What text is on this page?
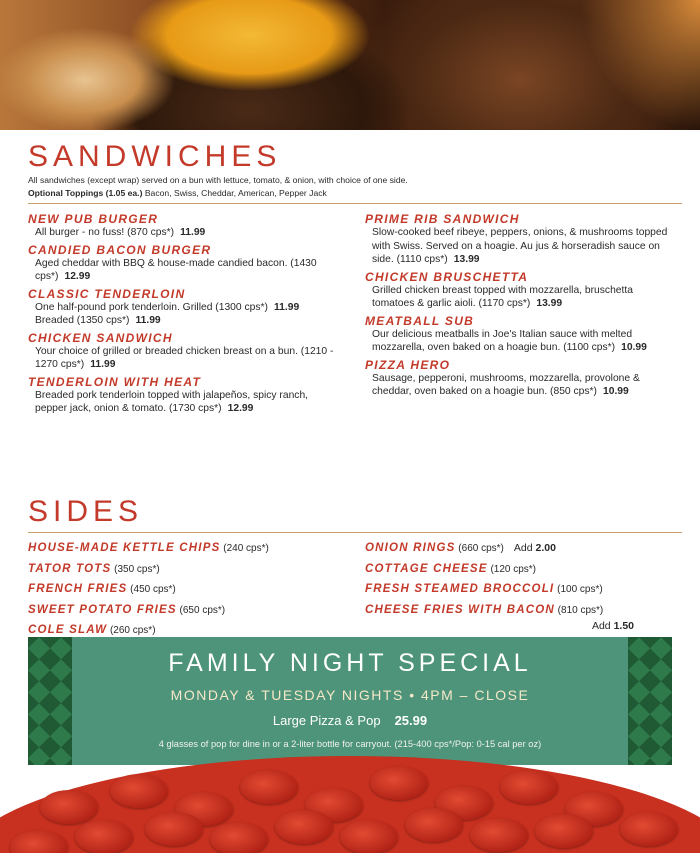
SANDWICHES
All sandwiches (except wrap) served on a bun with lettuce, tomato, & onion, with choice of one side.
Optional Toppings (1.05 ea.) Bacon, Swiss, Cheddar, American, Pepper Jack
NEW PUB BURGER
All burger - no fuss! (870 cps*) 11.99
CANDIED BACON BURGER
Aged cheddar with BBQ & house-made candied bacon. (1430 cps*) 12.99
CLASSIC TENDERLOIN
One half-pound pork tenderloin. Grilled (1300 cps*) 11.99 Breaded (1350 cps*) 11.99
CHICKEN SANDWICH
Your choice of grilled or breaded chicken breast on a bun. (1210 - 1270 cps*) 11.99
TENDERLOIN WITH HEAT
Breaded pork tenderloin topped with jalapeños, spicy ranch, pepper jack, onion & tomato. (1730 cps*) 12.99
PRIME RIB SANDWICH
Slow-cooked beef ribeye, peppers, onions, & mushrooms topped with Swiss. Served on a hoagie. Au jus & horseradish sauce on side. (1110 cps*) 13.99
CHICKEN BRUSCHETTA
Grilled chicken breast topped with mozzarella, bruschetta tomatoes & garlic aioli. (1170 cps*) 13.99
MEATBALL SUB
Our delicious meatballs in Joe's Italian sauce with melted mozzarella, oven baked on a hoagie bun. (1100 cps*) 10.99
PIZZA HERO
Sausage, pepperoni, mushrooms, mozzarella, provolone & cheddar, oven baked on a hoagie bun. (850 cps*) 10.99
SIDES
HOUSE-MADE KETTLE CHIPS (240 cps*)
TATOR TOTS (350 cps*)
FRENCH FRIES (450 cps*)
SWEET POTATO FRIES (650 cps*)
COLE SLAW (260 cps*)
ONION RINGS (660 cps*) Add 2.00
COTTAGE CHEESE (120 cps*)
FRESH STEAMED BROCCOLI (100 cps*)
CHEESE FRIES WITH BACON (810 cps*)
Add 1.50
FAMILY NIGHT SPECIAL
MONDAY & TUESDAY NIGHTS • 4PM – CLOSE
Large Pizza & Pop 25.99
4 glasses of pop for dine in or a 2-liter bottle for carryout. (215-400 cps*/Pop: 0-15 cal per oz)
